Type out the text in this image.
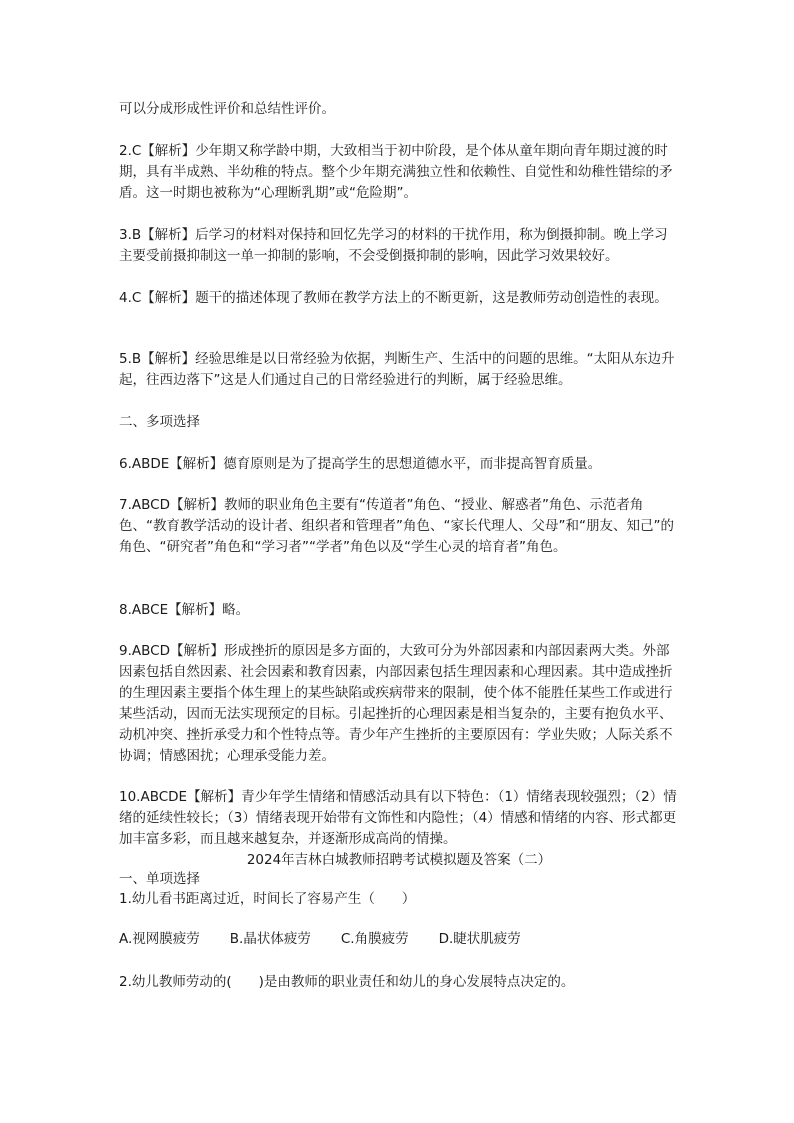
可以分成形成性评价和总结性评价。

2.C【解析】少年期又称学龄中期，大致相当于初中阶段，是个体从童年期向青年期过渡的时期，具有半成熟、半幼稚的特点。整个少年期充满独立性和依赖性、自觉性和幼稚性错综的矛盾。这一时期也被称为“心理断乳期”或“危险期”。

3.B【解析】后学习的材料对保持和回忆先学习的材料的干扰作用，称为倒摄抑制。晚上学习主要受前摄抑制这一单一抑制的影响，不会受倒摄抑制的影响，因此学习效果较好。

4.C【解析】题干的描述体现了教师在教学方法上的不断更新，这是教师劳动创造性的表现。

5.B【解析】经验思维是以日常经验为依据，判断生产、生活中的问题的思维。“太阳从东边升起，往西边落下”这是人们通过自己的日常经验进行的判断，属于经验思维。

二、多项选择

6.ABDE【解析】德育原则是为了提高学生的思想道德水平，而非提高智育质量。

7.ABCD【解析】教师的职业角色主要有“传道者”角色、“授业、解惑者”角色、示范者角色、“教育教学活动的设计者、组织者和管理者”角色、“家长代理人、父母”和“朋友、知己”的角色、“研究者”角色和“学习者”“学者”角色以及“学生心灵的培育者”角色。

8.ABCE【解析】略。

9.ABCD【解析】形成挫折的原因是多方面的，大致可分为外部因素和内部因素两大类。外部因素包括自然因素、社会因素和教育因素，内部因素包括生理因素和心理因素。其中造成挫折的生理因素主要指个体生理上的某些缺陷或疾病带来的限制，使个体不能胜任某些工作或进行某些活动，因而无法实现预定的目标。引起挫折的心理因素是相当复杂的，主要有抱负水平、动机冲突、挫折承受力和个性特点等。青少年产生挫折的主要原因有：学业失败；人际关系不协调；情感困扰；心理承受能力差。

10.ABCDE【解析】青少年学生情绪和情感活动具有以下特色：（1）情绪表现较强烈；（2）情绪的延续性较长；（3）情绪表现开始带有文饰性和内隐性；（4）情感和情绪的内容、形式都更加丰富多彩，而且越来越复杂，并逐渐形成高尚的情操。

2024年吉林白城教师招聘考试模拟题及答案（二）

一、单项选择

1.幼儿看书距离过近，时间长了容易产生（　　）

A.视网膜疲劳 B.晶状体疲劳 C.角膜疲劳 D.睫状肌疲劳

2.幼儿教师劳动的(　　)是由教师的职业责任和幼儿的身心发展特点决定的。
